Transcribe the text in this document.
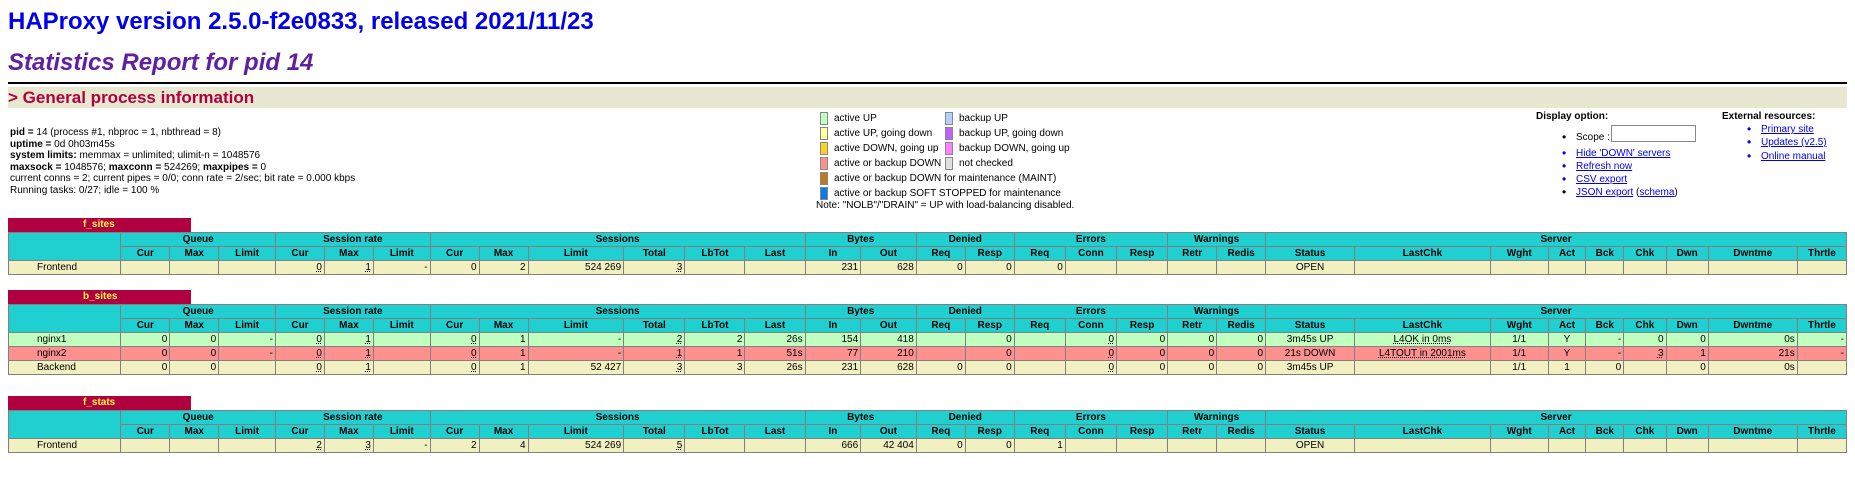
HAProxy version 2.5.0-f2e0833, released 2021/11/23
Statistics Report for pid 14
> General process information
pid = 14 (process #1, nbproc = 1, nbthread = 8)
uptime = 0d 0h03m45s
system limits: memmax = unlimited; ulimit-n = 1048576
maxsock = 1048576; maxconn = 524269; maxpipes = 0
current conns = 2; current pipes = 0/0; conn rate = 2/sec; bit rate = 0.000 kbps
Running tasks: 0/27; idle = 100 %
active UP
active UP, going down
active DOWN, going up
active or backup DOWN
active or backup DOWN for maintenance (MAINT)
active or backup SOFT STOPPED for maintenance
backup UP
backup UP, going down
backup DOWN, going up
not checked
Note: "NOLB"/"DRAIN" = UP with load-balancing disabled.
Display option:
• Scope :
• Hide 'DOWN' servers
• Refresh now
• CSV export
• JSON export (schema)
External resources:
• Primary site
• Updates (v2.5)
• Online manual
f_sites
	Queue			Session rate			Sessions						Bytes		Denied		Errors			Warnings		Server								
	Cur	Max	Limit	Cur	Max	Limit	Cur	Max	Limit	Total	LbTot	Last	In	Out	Req	Resp	Req	Conn	Resp	Retr	Redis	Status	LastChk	Wght	Act	Bck	Chk	Dwn	Dwntme	Thrtle
Frontend				0	1	-	0	2	524 269	3			231	628	0	0	0					OPEN								
b_sites
	Queue			Session rate			Sessions						Bytes		Denied		Errors			Warnings		Server								
	Cur	Max	Limit	Cur	Max	Limit	Cur	Max	Limit	Total	LbTot	Last	In	Out	Req	Resp	Req	Conn	Resp	Retr	Redis	Status	LastChk	Wght	Act	Bck	Chk	Dwn	Dwntme	Thrtle
nginx1	0	0	-	0	1		0	1	-	2	2	26s	154	418		0		0	0	0	0	3m45s UP	L4OK in 0ms	1/1	Y	-	0	0	0s	-
nginx2	0	0	-	0	1		0	1	-	1	1	51s	77	210		0		0	0	0	0	21s DOWN	L4TOUT in 2001ms	1/1	Y	-	3	1	21s	-
Backend	0	0		0	1		0	1	52 427	3	3	26s	231	628	0	0		0	0	0	0	3m45s UP		1/1	1	0		0	0s	
f_stats
	Queue			Session rate			Sessions						Bytes		Denied		Errors			Warnings		Server								
	Cur	Max	Limit	Cur	Max	Limit	Cur	Max	Limit	Total	LbTot	Last	In	Out	Req	Resp	Req	Conn	Resp	Retr	Redis	Status	LastChk	Wght	Act	Bck	Chk	Dwn	Dwntme	Thrtle
Frontend				2	3	-	2	4	524 269	5			666	42 404	0	0	1					OPEN								
